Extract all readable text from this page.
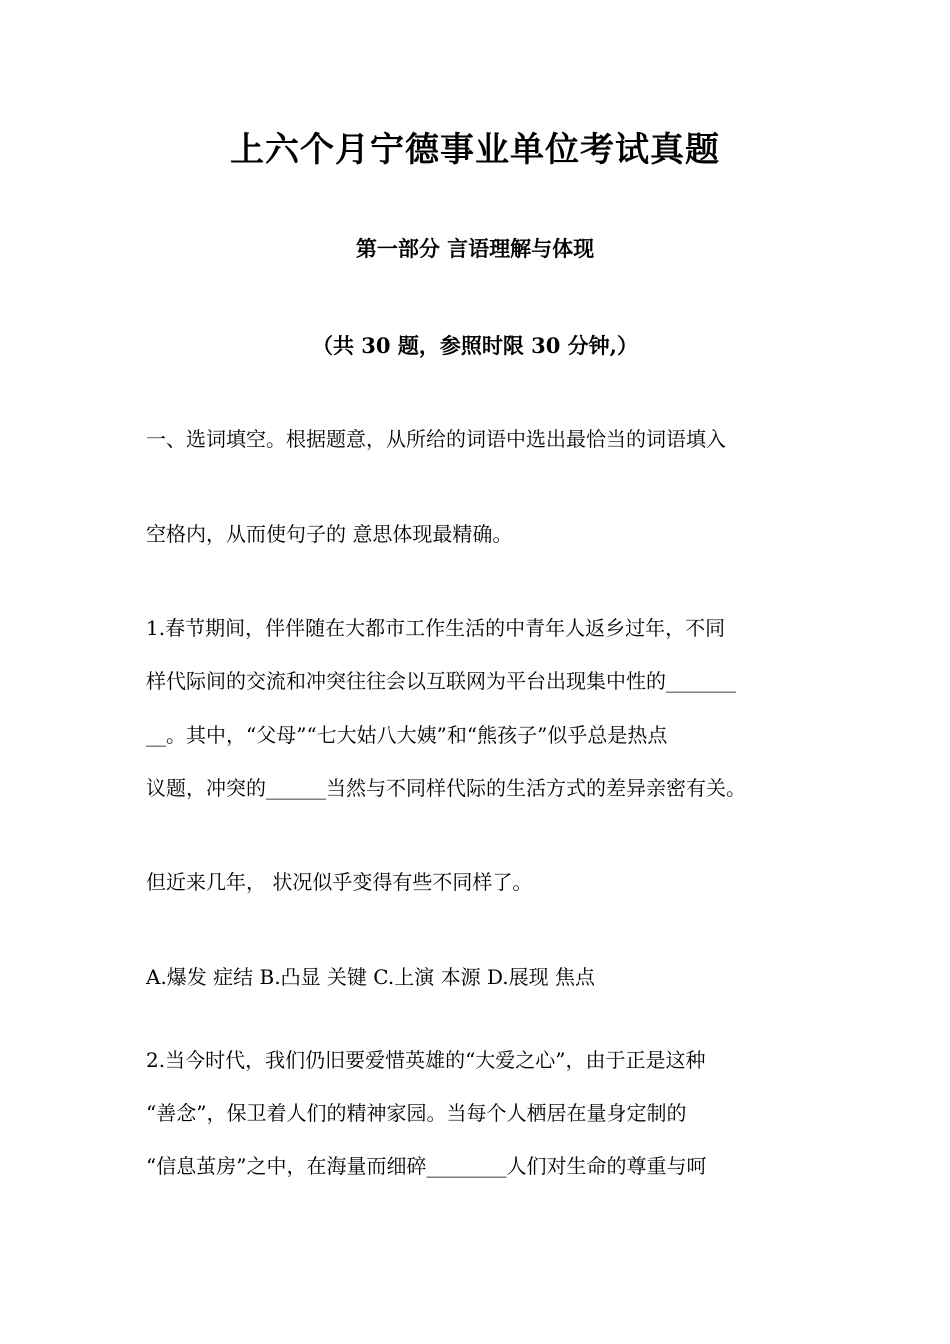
上六个月宁德事业单位考试真题
第一部分 言语理解与体现
（共 30 题，参照时限 30 分钟,）
一、选词填空。根据题意，从所给的词语中选出最恰当的词语填入
空格内，从而使句子的 意思体现最精确。
1.春节期间，伴伴随在大都市工作生活的中青年人返乡过年，不同
样代际间的交流和冲突往往会以互联网为平台出现集中性的_______
__。其中，“父母”“七大姑八大姨”和“熊孩子”似乎总是热点
议题，冲突的______当然与不同样代际的生活方式的差异亲密有关。
但近来几年， 状况似乎变得有些不同样了。
A.爆发 症结 B.凸显 关键 C.上演 本源 D.展现 焦点
2.当今时代，我们仍旧要爱惜英雄的“大爱之心”，由于正是这种
“善念”，保卫着人们的精神家园。当每个人栖居在量身定制的
“信息茧房”之中，在海量而细碎________人们对生命的尊重与呵
